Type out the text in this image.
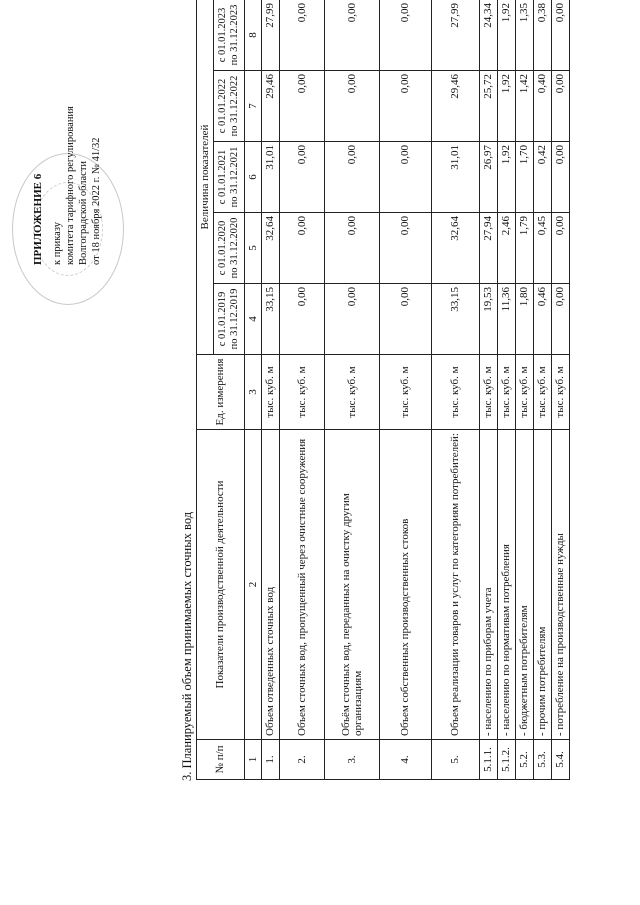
ПРИЛОЖЕНИЕ 6 к приказу комитета тарифного регулирования Волгоградской области от 18 ноября 2022 г. № 41/32
3. Планируемый объем принимаемых сточных вод № п/п	Показатели производственной деятельности	Ед. измерения	Величина показателей				
			с 01.01.2019 по 31.12.2019	с 01.01.2020 по 31.12.2020	с 01.01.2021 по 31.12.2021	с 01.01.2022 по 31.12.2022	с 01.01.2023 по 31.12.2023
1	2	3	4	5	6	7	8
1.	Объем отведенных сточных вод	тыс. куб. м	33,15	32,64	31,01	29,46	27,99
2.	Объем сточных вод, пропущенный через очистные сооружения	тыс. куб. м	0,00	0,00	0,00	0,00	0,00
3.	Объём сточных вод, переданных на очистку другим организациям	тыс. куб. м	0,00	0,00	0,00	0,00	0,00
4.	Объем собственных производственных стоков	тыс. куб. м	0,00	0,00	0,00	0,00	0,00
5.	Объем реализации товаров и услуг по категориям потребителей:	тыс. куб. м	33,15	32,64	31,01	29,46	27,99
5.1.1.	- населению по приборам учета	тыс. куб. м	19,53	27,94	26,97	25,72	24,34
5.1.2.	- населению по нормативам потребления	тыс. куб. м	11,36	2,46	1,92	1,92	1,92
5.2.	- бюджетным потребителям	тыс. куб. м	1,80	1,79	1,70	1,42	1,35
5.3.	- прочим потребителям	тыс. куб. м	0,46	0,45	0,42	0,40	0,38
5.4.	- потребление на производственные нужды	тыс. куб. м	0,00	0,00	0,00	0,00	0,00
